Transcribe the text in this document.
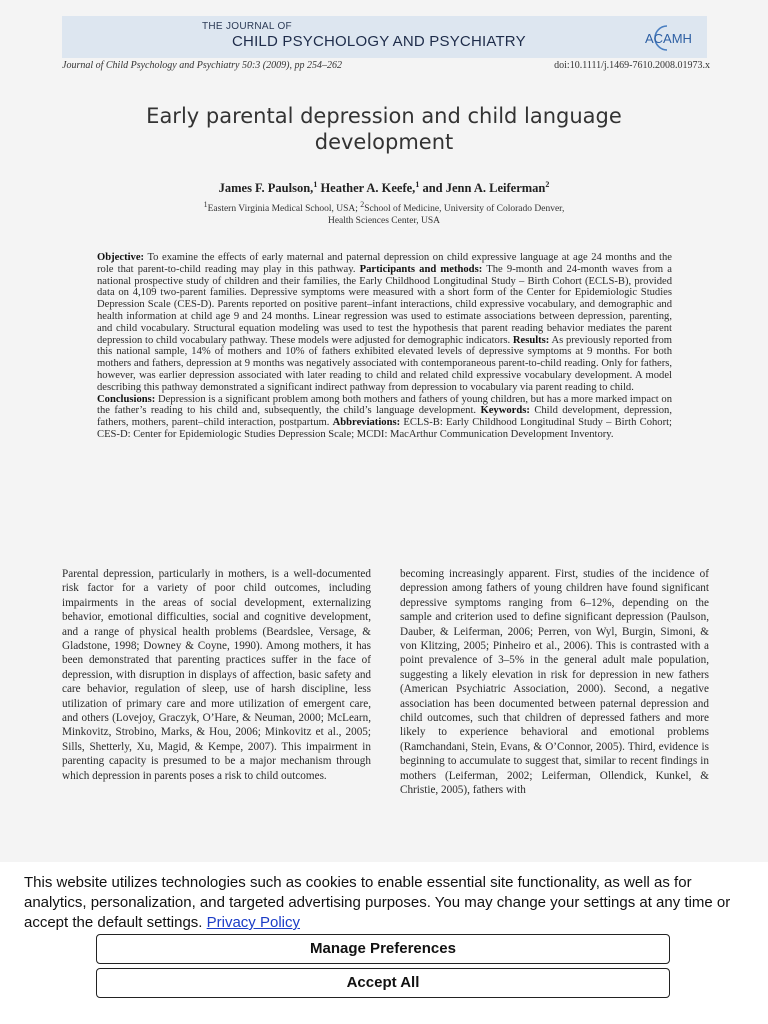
THE JOURNAL OF
CHILD PSYCHOLOGY AND PSYCHIATRY	ACAMH
Journal of Child Psychology and Psychiatry 50:3 (2009), pp 254–262	doi:10.1111/j.1469-7610.2008.01973.x
Early parental depression and child language
development
James F. Paulson,$^1$ Heather A. Keefe,$^1$ and Jenn A. Leiferman$^2$
$^1$Eastern Virginia Medical School, USA; $^2$School of Medicine, University of Colorado Denver,
Health Sciences Center, USA
Objective: To examine the effects of early maternal and paternal depression on child expressive language at age 24 months and the role that parent-to-child reading may play in this pathway. Participants and methods: The 9-month and 24-month waves from a national prospective study of children and their families, the Early Childhood Longitudinal Study – Birth Cohort (ECLS-B), provided data on 4,109 two-parent families. Depressive symptoms were measured with a short form of the Center for Epidemiologic Studies Depression Scale (CES-D). Parents reported on positive parent–infant interactions, child expressive vocabulary, and demographic and health information at child age 9 and 24 months. Linear regression was used to estimate associations between depression, parenting, and child vocabulary. Structural equation modeling was used to test the hypothesis that parent reading behavior mediates the parent depression to child vocabulary pathway. These models were adjusted for demographic indicators. Results: As previously reported from this national sample, 14% of mothers and 10% of fathers exhibited elevated levels of depressive symptoms at 9 months. For both mothers and fathers, depression at 9 months was negatively associated with contemporaneous parent-to-child reading. Only for fathers, however, was earlier depression associated with later reading to child and related child expressive vocabulary development. A model describing this pathway demonstrated a significant indirect pathway from depression to vocabulary via parent reading to child.
Conclusions: Depression is a significant problem among both mothers and fathers of young children, but has a more marked impact on the father’s reading to his child and, subsequently, the child’s language development. Keywords: Child development, depression, fathers, mothers, parent–child interaction, postpartum. Abbreviations: ECLS-B: Early Childhood Longitudinal Study – Birth Cohort; CES-D: Center for Epidemiologic Studies Depression Scale; MCDI: MacArthur Communication Development Inventory.
Parental depression, particularly in mothers, is a well-documented risk factor for a variety of poor child outcomes, including impairments in the areas of social development, externalizing behavior, emotional difficulties, social and cognitive development, and a range of physical health problems (Beardslee, Versage, & Gladstone, 1998; Downey & Coyne, 1990). Among mothers, it has been demonstrated that parenting practices suffer in the face of depression, with disruption in displays of affection, basic safety and care behavior, regulation of sleep, use of harsh discipline, less utilization of primary care and more utilization of emergent care, and others (Lovejoy, Graczyk, O’Hare, & Neuman, 2000; McLearn, Minkovitz, Strobino, Marks, & Hou, 2006; Minkovitz et al., 2005; Sills, Shetterly, Xu, Magid, & Kempe, 2007). This impairment in parenting capacity is presumed to be a major mechanism through which depression in parents poses a risk to child outcomes.
becoming increasingly apparent. First, studies of the incidence of depression among fathers of young children have found significant depressive symptoms ranging from 6–12%, depending on the sample and criterion used to define significant depression (Paulson, Dauber, & Leiferman, 2006; Perren, von Wyl, Burgin, Simoni, & von Klitzing, 2005; Pinheiro et al., 2006). This is contrasted with a point prevalence of 3–5% in the general adult male population, suggesting a likely elevation in risk for depression in new fathers (American Psychiatric Association, 2000). Second, a negative association has been documented between paternal depression and child outcomes, such that children of depressed fathers and more likely to experience behavioral and emotional problems (Ramchandani, Stein, Evans, & O’Connor, 2005). Third, evidence is beginning to accumulate to suggest that, similar to recent findings in mothers (Leiferman, 2002; Leiferman, Ollendick, Kunkel, & Christie, 2005), fathers with
This website utilizes technologies such as cookies to enable essential site functionality, as well as for analytics, personalization, and targeted advertising purposes. You may change your settings at any time or accept the default settings. Privacy Policy
Manage Preferences
Accept All
